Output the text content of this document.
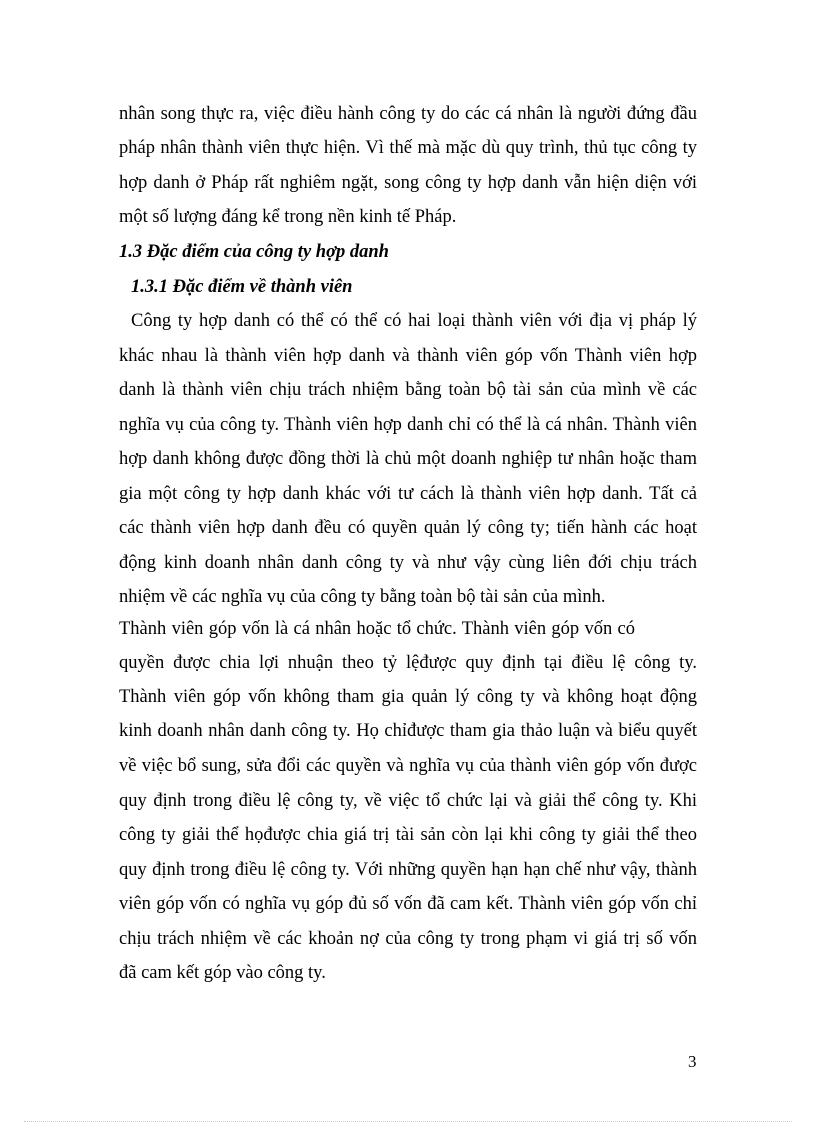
nhân song thực ra, việc điều hành công ty do các cá nhân là người đứng đầu
pháp nhân thành viên thực hiện. Vì thế mà mặc dù quy trình, thủ tục công ty
hợp danh ở Pháp rất nghiêm ngặt, song công ty hợp danh vẫn hiện diện với
một số lượng đáng kể trong nền kinh tế Pháp.
1.3 Đặc điểm của công ty hợp danh
1.3.1 Đặc điểm về thành viên
Công ty hợp danh có thể có thể có hai loại thành viên với địa vị pháp lý
khác nhau là thành viên hợp danh và thành viên góp vốn Thành viên hợp
danh là thành viên chịu trách nhiệm bằng toàn bộ tài sản của mình về các
nghĩa vụ của công ty. Thành viên hợp danh chỉ có thể là cá nhân. Thành viên
hợp danh không được đồng thời là chủ một doanh nghiệp tư nhân hoặc tham
gia một công ty hợp danh khác với tư cách là thành viên hợp danh. Tất cả
các thành viên hợp danh đều có quyền quản lý công ty; tiến hành các hoạt
động kinh doanh nhân danh công ty và như vậy cùng liên đới chịu trách
nhiệm về các nghĩa vụ của công ty bằng toàn bộ tài sản của mình.
Thành viên góp vốn là cá nhân hoặc tổ chức. Thành viên góp vốn có
quyền được chia lợi nhuận theo tỷ lệđược quy định tại điều lệ công ty.
Thành viên góp vốn không tham gia quản lý công ty và không hoạt động
kinh doanh nhân danh công ty. Họ chỉđược tham gia thảo luận và biểu quyết
về việc bổ sung, sửa đổi các quyền và nghĩa vụ của thành viên góp vốn được
quy định trong điều lệ công ty, về việc tổ chức lại và giải thể công ty. Khi
công ty giải thể họđược chia giá trị tài sản còn lại khi công ty giải thể theo
quy định trong điều lệ công ty. Với những quyền hạn hạn chế như vậy, thành
viên góp vốn có nghĩa vụ góp đủ số vốn đã cam kết. Thành viên góp vốn chỉ
chịu trách nhiệm về các khoản nợ của công ty trong phạm vi giá trị số vốn
đã cam kết góp vào công ty.
3
